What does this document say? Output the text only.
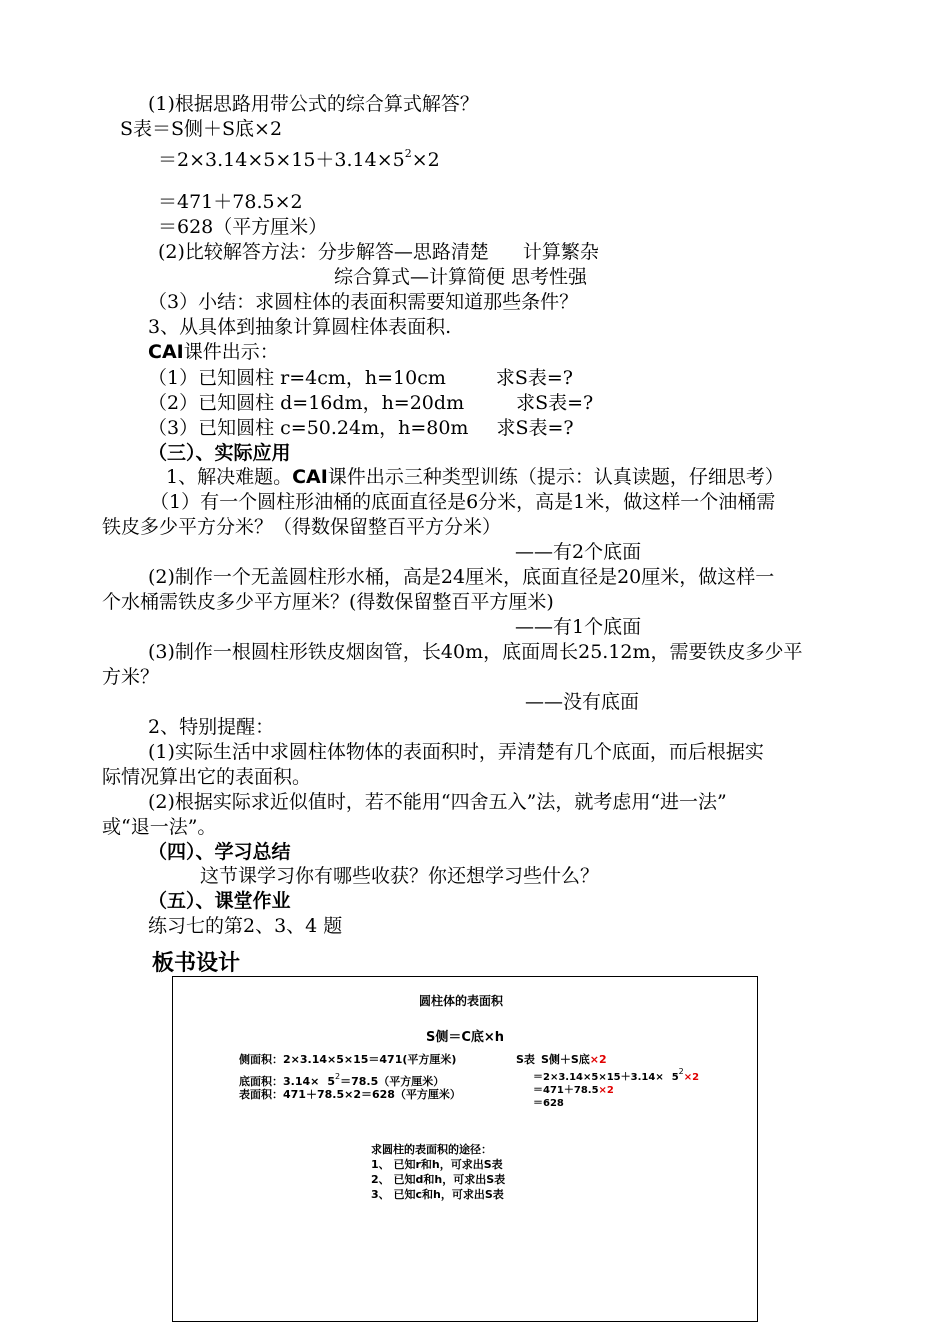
(1)根据思路用带公式的综合算式解答？
S表＝S侧＋S底×2
$=2\times 3.14\times 5\times 15+3.14\times 5^2\times 2$
＝471＋78.5×2
＝628（平方厘米）
(2)比较解答方法：分步解答—思路清楚 计算繁杂
综合算式—计算简便 思考性强
（3）小结：求圆柱体的表面积需要知道那些条件？
3、从具体到抽象计算圆柱体表面积.
CAI课件出示：
（1）已知圆柱 r=4cm，h=10cm	求S表=?
（2）已知圆柱 d=16dm，h=20dm	求S表=?
（3）已知圆柱 c=50.24m，h=80m 求S表=?
（三）、实际应用
1、解决难题。CAI课件出示三种类型训练（提示：认真读题，仔细思考）
（1）有一个圆柱形油桶的底面直径是6分米，高是1米，做这样一个油桶需
铁皮多少平方分米？（得数保留整百平方分米）
——有2个底面
(2)制作一个无盖圆柱形水桶，高是24厘米，底面直径是20厘米，做这样一
个水桶需铁皮多少平方厘米？(得数保留整百平方厘米)
——有1个底面
(3)制作一根圆柱形铁皮烟囱管，长40m，底面周长25.12m，需要铁皮多少平
方米？
——没有底面
2、特别提醒：
(1)实际生活中求圆柱体物体的表面积时，弄清楚有几个底面，而后根据实
际情况算出它的表面积。
(2)根据实际求近似值时，若不能用“四舍五入”法，就考虑用“进一法”
或“退一法”。
（四）、学习总结
这节课学习你有哪些收获？你还想学习些什么？
（五）、课堂作业
练习七的第2、3、4 题
板书设计
圆柱体的表面积
S侧＝C底×h
侧面积：2×3.14×5×15＝471(平方厘米)	S表 S侧＋S底×2
底面积：$3.14\times 5^2=78.5$（平方厘米）
表面积：471＋78.5×2＝628（平方厘米）
$=2\times 3.14\times 5\times 15+3.14\times 5^2\times 2$
＝471＋78.5×2
＝628
求圆柱的表面积的途径：
1、 已知r和h，可求出S表
2、 已知d和h，可求出S表
3、 已知c和h，可求出S表
